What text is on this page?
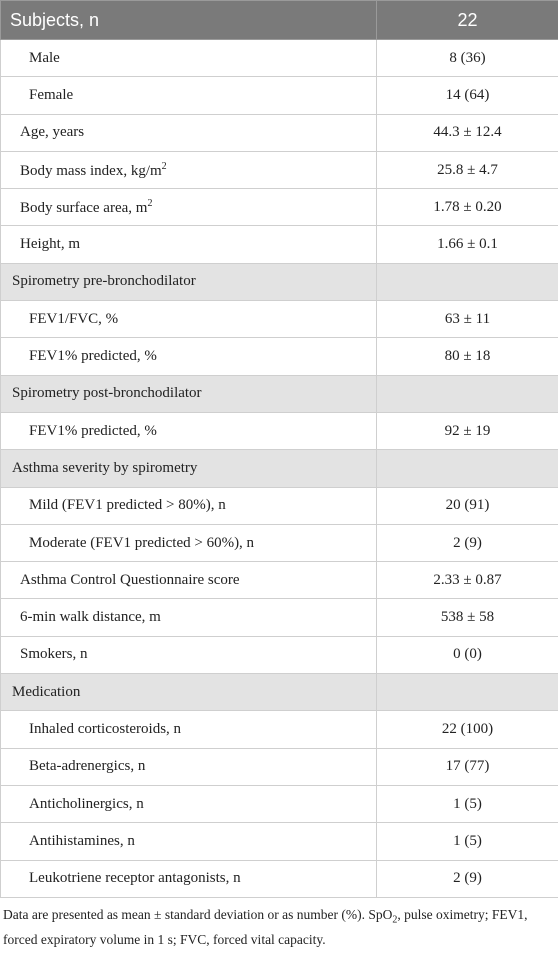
Subjects, n	22
Male	8 (36)
Female	14 (64)
Age, years	44.3 ± 12.4
Body mass index, $kg/m^2$	25.8 ± 4.7
Body surface area, $m^2$	1.78 ± 0.20
Height, m	1.66 ± 0.1
Spirometry pre-bronchodilator	
FEV1/FVC, %	63 ± 11
FEV1% predicted, %	80 ± 18
Spirometry post-bronchodilator	
FEV1% predicted, %	92 ± 19
Asthma severity by spirometry	
Mild (FEV1 predicted > 80%), n	20 (91)
Moderate (FEV1 predicted > 60%), n	2 (9)
Asthma Control Questionnaire score	2.33 ± 0.87
6-min walk distance, m	538 ± 58
Smokers, n	0 (0)
Medication	
Inhaled corticosteroids, n	22 (100)
Beta-adrenergics, n	17 (77)
Anticholinergics, n	1 (5)
Antihistamines, n	1 (5)
Leukotriene receptor antagonists, n	2 (9)
Data are presented as mean ± standard deviation or as number (%). SpO$_2$, pulse oximetry; FEV1, forced expiratory volume in 1 s; FVC, forced vital capacity.
